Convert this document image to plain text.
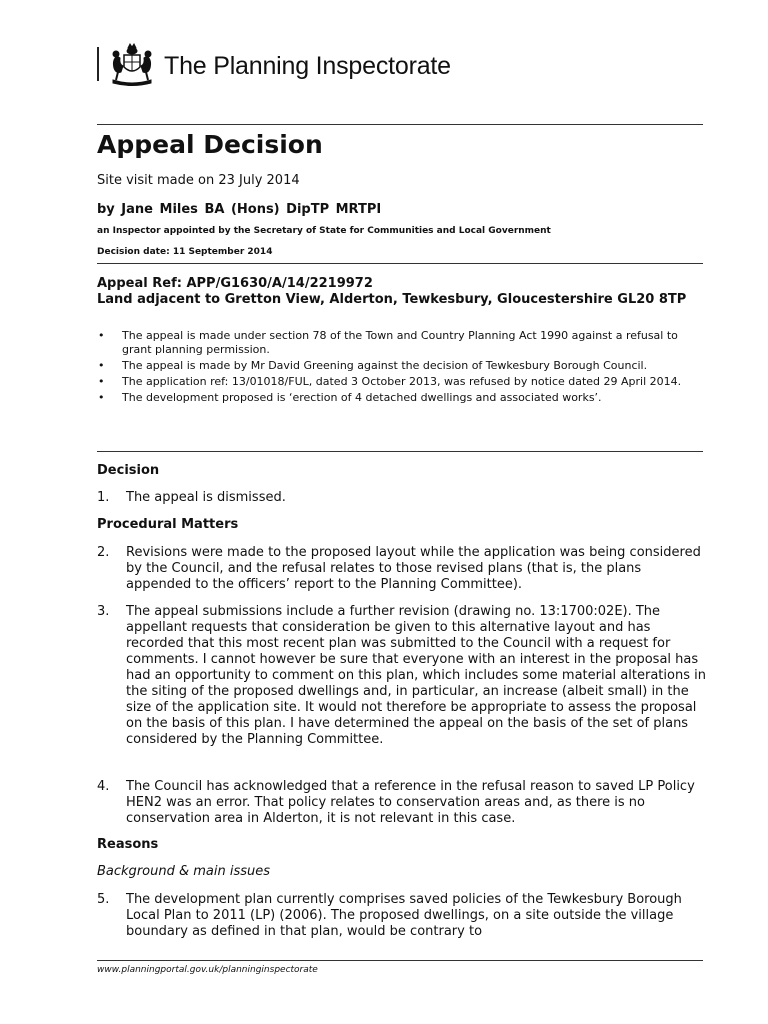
The Planning Inspectorate
Appeal Decision
Site visit made on 23 July 2014
by Jane Miles BA (Hons) DipTP MRTPI
an Inspector appointed by the Secretary of State for Communities and Local Government
Decision date: 11 September 2014
Appeal Ref: APP/G1630/A/14/2219972
Land adjacent to Gretton View, Alderton, Tewkesbury, Gloucestershire GL20 8TP
• The appeal is made under section 78 of the Town and Country Planning Act 1990 against a refusal to grant planning permission.
• The appeal is made by Mr David Greening against the decision of Tewkesbury Borough Council.
• The application ref: 13/01018/FUL, dated 3 October 2013, was refused by notice dated 29 April 2014.
• The development proposed is ‘erection of 4 detached dwellings and associated works’.
Decision
1. The appeal is dismissed.
Procedural Matters
2. Revisions were made to the proposed layout while the application was being considered by the Council, and the refusal relates to those revised plans (that is, the plans appended to the officers’ report to the Planning Committee).
3. The appeal submissions include a further revision (drawing no. 13:1700:02E). The appellant requests that consideration be given to this alternative layout and has recorded that this most recent plan was submitted to the Council with a request for comments. I cannot however be sure that everyone with an interest in the proposal has had an opportunity to comment on this plan, which includes some material alterations in the siting of the proposed dwellings and, in particular, an increase (albeit small) in the size of the application site. It would not therefore be appropriate to assess the proposal on the basis of this plan. I have determined the appeal on the basis of the set of plans considered by the Planning Committee.
4. The Council has acknowledged that a reference in the refusal reason to saved LP Policy HEN2 was an error. That policy relates to conservation areas and, as there is no conservation area in Alderton, it is not relevant in this case.
Reasons
Background & main issues
5. The development plan currently comprises saved policies of the Tewkesbury Borough Local Plan to 2011 (LP) (2006). The proposed dwellings, on a site outside the village boundary as defined in that plan, would be contrary to
www.planningportal.gov.uk/planninginspectorate
